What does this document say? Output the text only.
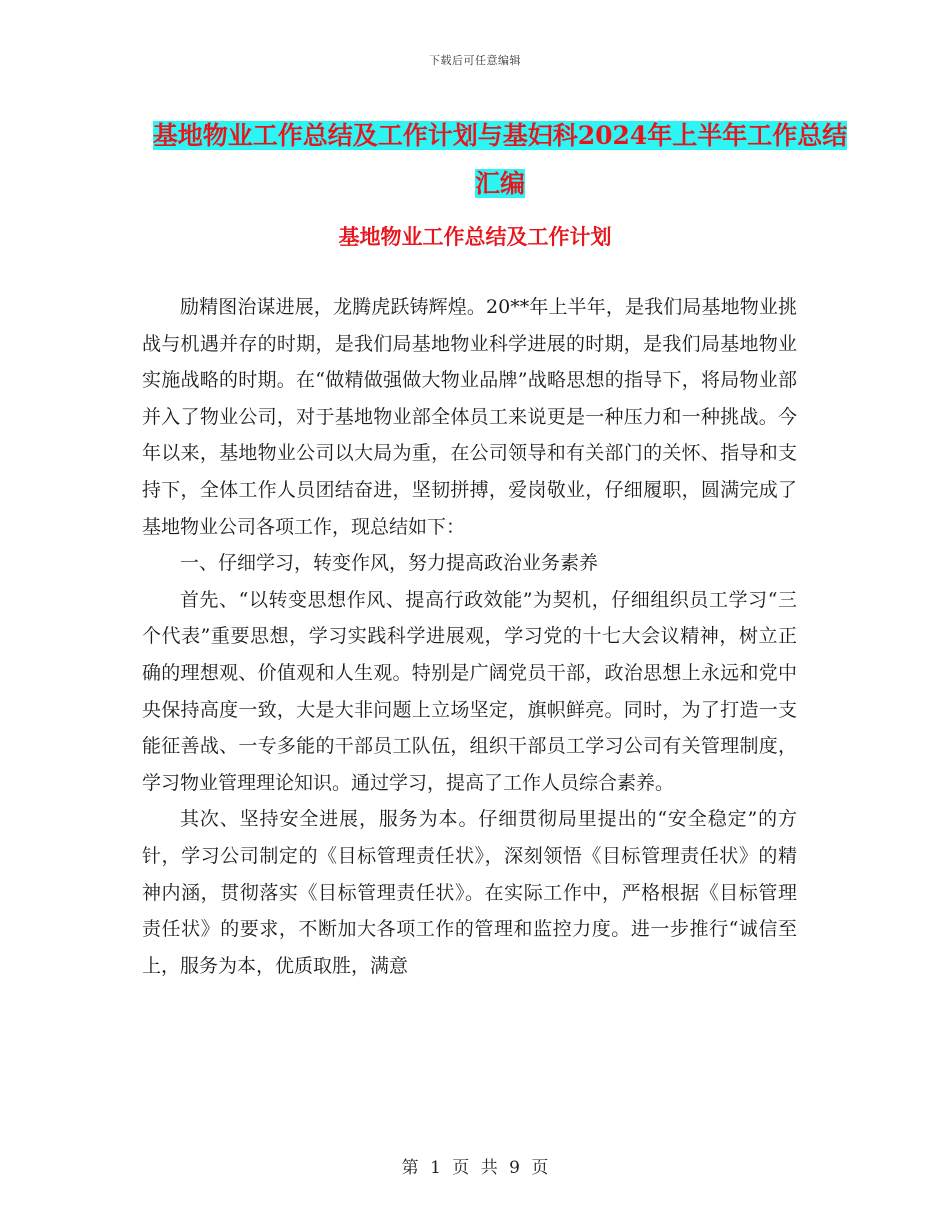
下载后可任意编辑
基地物业工作总结及工作计划与基妇科2024年上半年工作总结汇编
基地物业工作总结及工作计划

励精图治谋进展，龙腾虎跃铸辉煌。20**年上半年，是我们局基地物业挑战与机遇并存的时期，是我们局基地物业科学进展的时期，是我们局基地物业实施战略的时期。在“做精做强做大物业品牌”战略思想的指导下，将局物业部并入了物业公司，对于基地物业部全体员工来说更是一种压力和一种挑战。今年以来，基地物业公司以大局为重，在公司领导和有关部门的关怀、指导和支持下，全体工作人员团结奋进，坚韧拼搏，爱岗敬业，仔细履职，圆满完成了基地物业公司各项工作，现总结如下：

一、仔细学习，转变作风，努力提高政治业务素养

首先、“以转变思想作风、提高行政效能”为契机，仔细组织员工学习“三个代表”重要思想，学习实践科学进展观，学习党的十七大会议精神，树立正确的理想观、价值观和人生观。特别是广阔党员干部，政治思想上永远和党中央保持高度一致，大是大非问题上立场坚定，旗帜鲜亮。同时，为了打造一支能征善战、一专多能的干部员工队伍，组织干部员工学习公司有关管理制度，学习物业管理理论知识。通过学习，提高了工作人员综合素养。

其次、坚持安全进展，服务为本。仔细贯彻局里提出的“安全稳定”的方针，学习公司制定的《目标管理责任状》，深刻领悟《目标管理责任状》的精神内涵，贯彻落实《目标管理责任状》。在实际工作中，严格根据《目标管理责任状》的要求，不断加大各项工作的管理和监控力度。进一步推行“诚信至上，服务为本，优质取胜，满意

第 1 页 共 9 页
